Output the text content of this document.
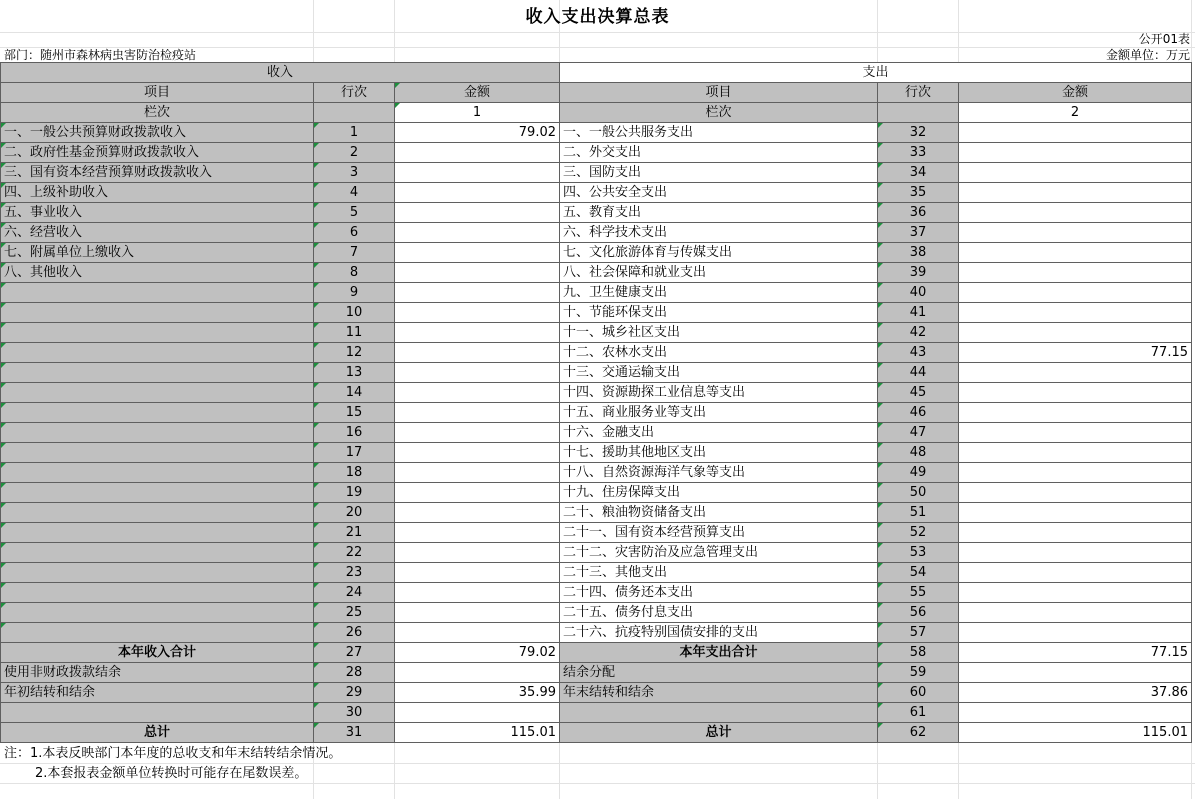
收入支出决算总表
公开01表
部门：随州市森林病虫害防治检疫站	金额单位：万元
收入			支出		
项目	行次	金额	项目	行次	金额
栏次		1	栏次		2
一、一般公共预算财政拨款收入	1	79.02	一、一般公共服务支出	32	
二、政府性基金预算财政拨款收入	2		二、外交支出	33	
三、国有资本经营预算财政拨款收入	3		三、国防支出	34	
四、上级补助收入	4		四、公共安全支出	35	
五、事业收入	5		五、教育支出	36	
六、经营收入	6		六、科学技术支出	37	
七、附属单位上缴收入	7		七、文化旅游体育与传媒支出	38	
八、其他收入	8		八、社会保障和就业支出	39	
	9		九、卫生健康支出	40	
	10		十、节能环保支出	41	
	11		十一、城乡社区支出	42	
	12		十二、农林水支出	43	77.15
	13		十三、交通运输支出	44	
	14		十四、资源勘探工业信息等支出	45	
	15		十五、商业服务业等支出	46	
	16		十六、金融支出	47	
	17		十七、援助其他地区支出	48	
	18		十八、自然资源海洋气象等支出	49	
	19		十九、住房保障支出	50	
	20		二十、粮油物资储备支出	51	
	21		二十一、国有资本经营预算支出	52	
	22		二十二、灾害防治及应急管理支出	53	
	23		二十三、其他支出	54	
	24		二十四、债务还本支出	55	
	25		二十五、债务付息支出	56	
	26		二十六、抗疫特别国债安排的支出	57	
本年收入合计	27	79.02	本年支出合计	58	77.15
使用非财政拨款结余	28		结余分配	59	
年初结转和结余	29	35.99	年末结转和结余	60	37.86
	30			61	
总计	31	115.01	总计	62	115.01
注：1.本表反映部门本年度的总收支和年末结转结余情况。
2.本套报表金额单位转换时可能存在尾数误差。
